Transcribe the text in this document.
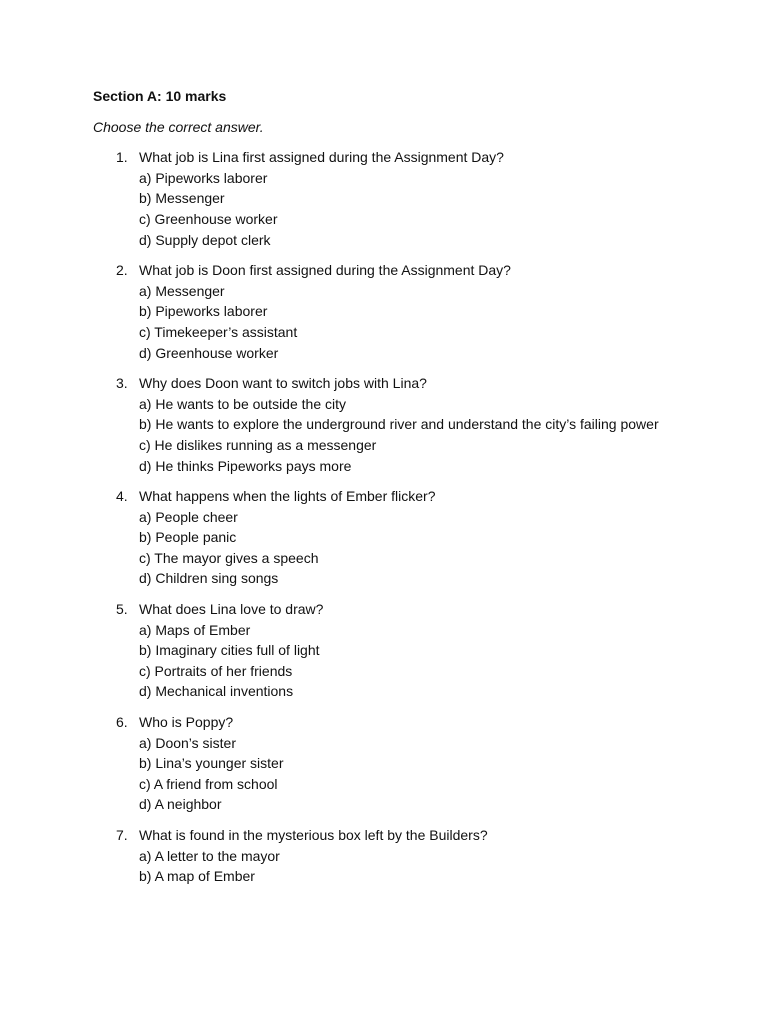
Section A: 10 marks

Choose the correct answer.

1. What job is Lina first assigned during the Assignment Day?
a) Pipeworks laborer
b) Messenger
c) Greenhouse worker
d) Supply depot clerk
2. What job is Doon first assigned during the Assignment Day?
a) Messenger
b) Pipeworks laborer
c) Timekeeper’s assistant
d) Greenhouse worker
3. Why does Doon want to switch jobs with Lina?
a) He wants to be outside the city
b) He wants to explore the underground river and understand the city’s failing power
c) He dislikes running as a messenger
d) He thinks Pipeworks pays more
4. What happens when the lights of Ember flicker?
a) People cheer
b) People panic
c) The mayor gives a speech
d) Children sing songs
5. What does Lina love to draw?
a) Maps of Ember
b) Imaginary cities full of light
c) Portraits of her friends
d) Mechanical inventions
6. Who is Poppy?
a) Doon’s sister
b) Lina’s younger sister
c) A friend from school
d) A neighbor
7. What is found in the mysterious box left by the Builders?
a) A letter to the mayor
b) A map of Ember
